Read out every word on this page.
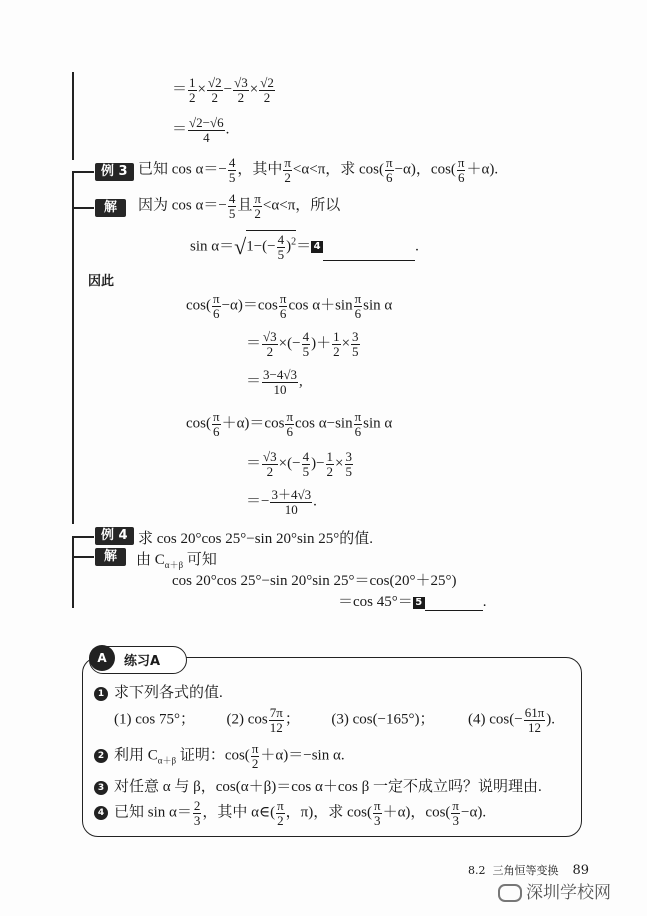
＝ $\frac{1}{2} \times \frac{√2}{2} - \frac{√3}{2} \times \frac{√2}{2}$
＝ $\frac{√2-√6}{4}$ .
例 3 已知 $\cos \alpha=- \frac{4}{5}$ ，其中 $\frac{\pi}{2} <\alpha<\pi$，求 $\cos( \frac{\pi}{6} -\alpha)$，$\cos( \frac{\pi}{6} +\alpha)$.
解	因为 $\cos \alpha=- \frac{4}{5}$ 且 $\frac{\pi}{2} <\alpha<\pi$，所以
$\sin \alpha=√1-(- \frac{4}{5} )^2= 4$	.
因此
$\cos( \frac{\pi}{6} -\alpha)=\cos \frac{\pi}{6}$ $\cos \alpha+\sin \frac{\pi}{6}$ sin α
＝ $\frac{√3}{2}$ ×(− $\frac{4}{5}$ )＋ $\frac{1}{2} \times \frac{3}{5}$
＝ $\frac{3-4√3}{10}$ ,
$\cos( \frac{\pi}{6} +\alpha)=\cos \frac{\pi}{6}$ $\cos \alpha-\sin \frac{\pi}{6}$ sin α
＝ $\frac{√3}{2}$ ×(− $\frac{4}{5}$ )− $\frac{1}{2} \times \frac{3}{5}$
＝− $\frac{3+4√3}{10}$ .
例 4 求 cos 20°cos 25°−sin 20°sin 25°的值.
解	由 $C_{\alpha+\beta}$ 可知
cos 20°cos 25°−sin 20°sin 25°＝cos(20°＋25°)
＝cos 45°＝ 5	.
A	练习A
1 求下列各式的值.
(1) cos 75°； (2) $\cos \frac{7\pi}{12}$ ； (3) cos(−165°)； (4) $\cos(- \frac{61\pi}{12}$ ).
2 利用 $C_{\alpha+\beta}$ 证明：$\cos( \frac{\pi}{2} +\alpha)=-\sin$ α.
3 对任意 α 与 β，cos(α＋β)＝cos α＋cos β 一定不成立吗？说明理由.
4 已知 $\sin \alpha= \frac{2}{3}$ ，其中 α∈( $\frac{\pi}{2}$ ，π)，求 $\cos( \frac{\pi}{3} +\alpha)$，$\cos( \frac{\pi}{3} -\alpha)$.
8.2 三角恒等变换 89
深圳学校网
